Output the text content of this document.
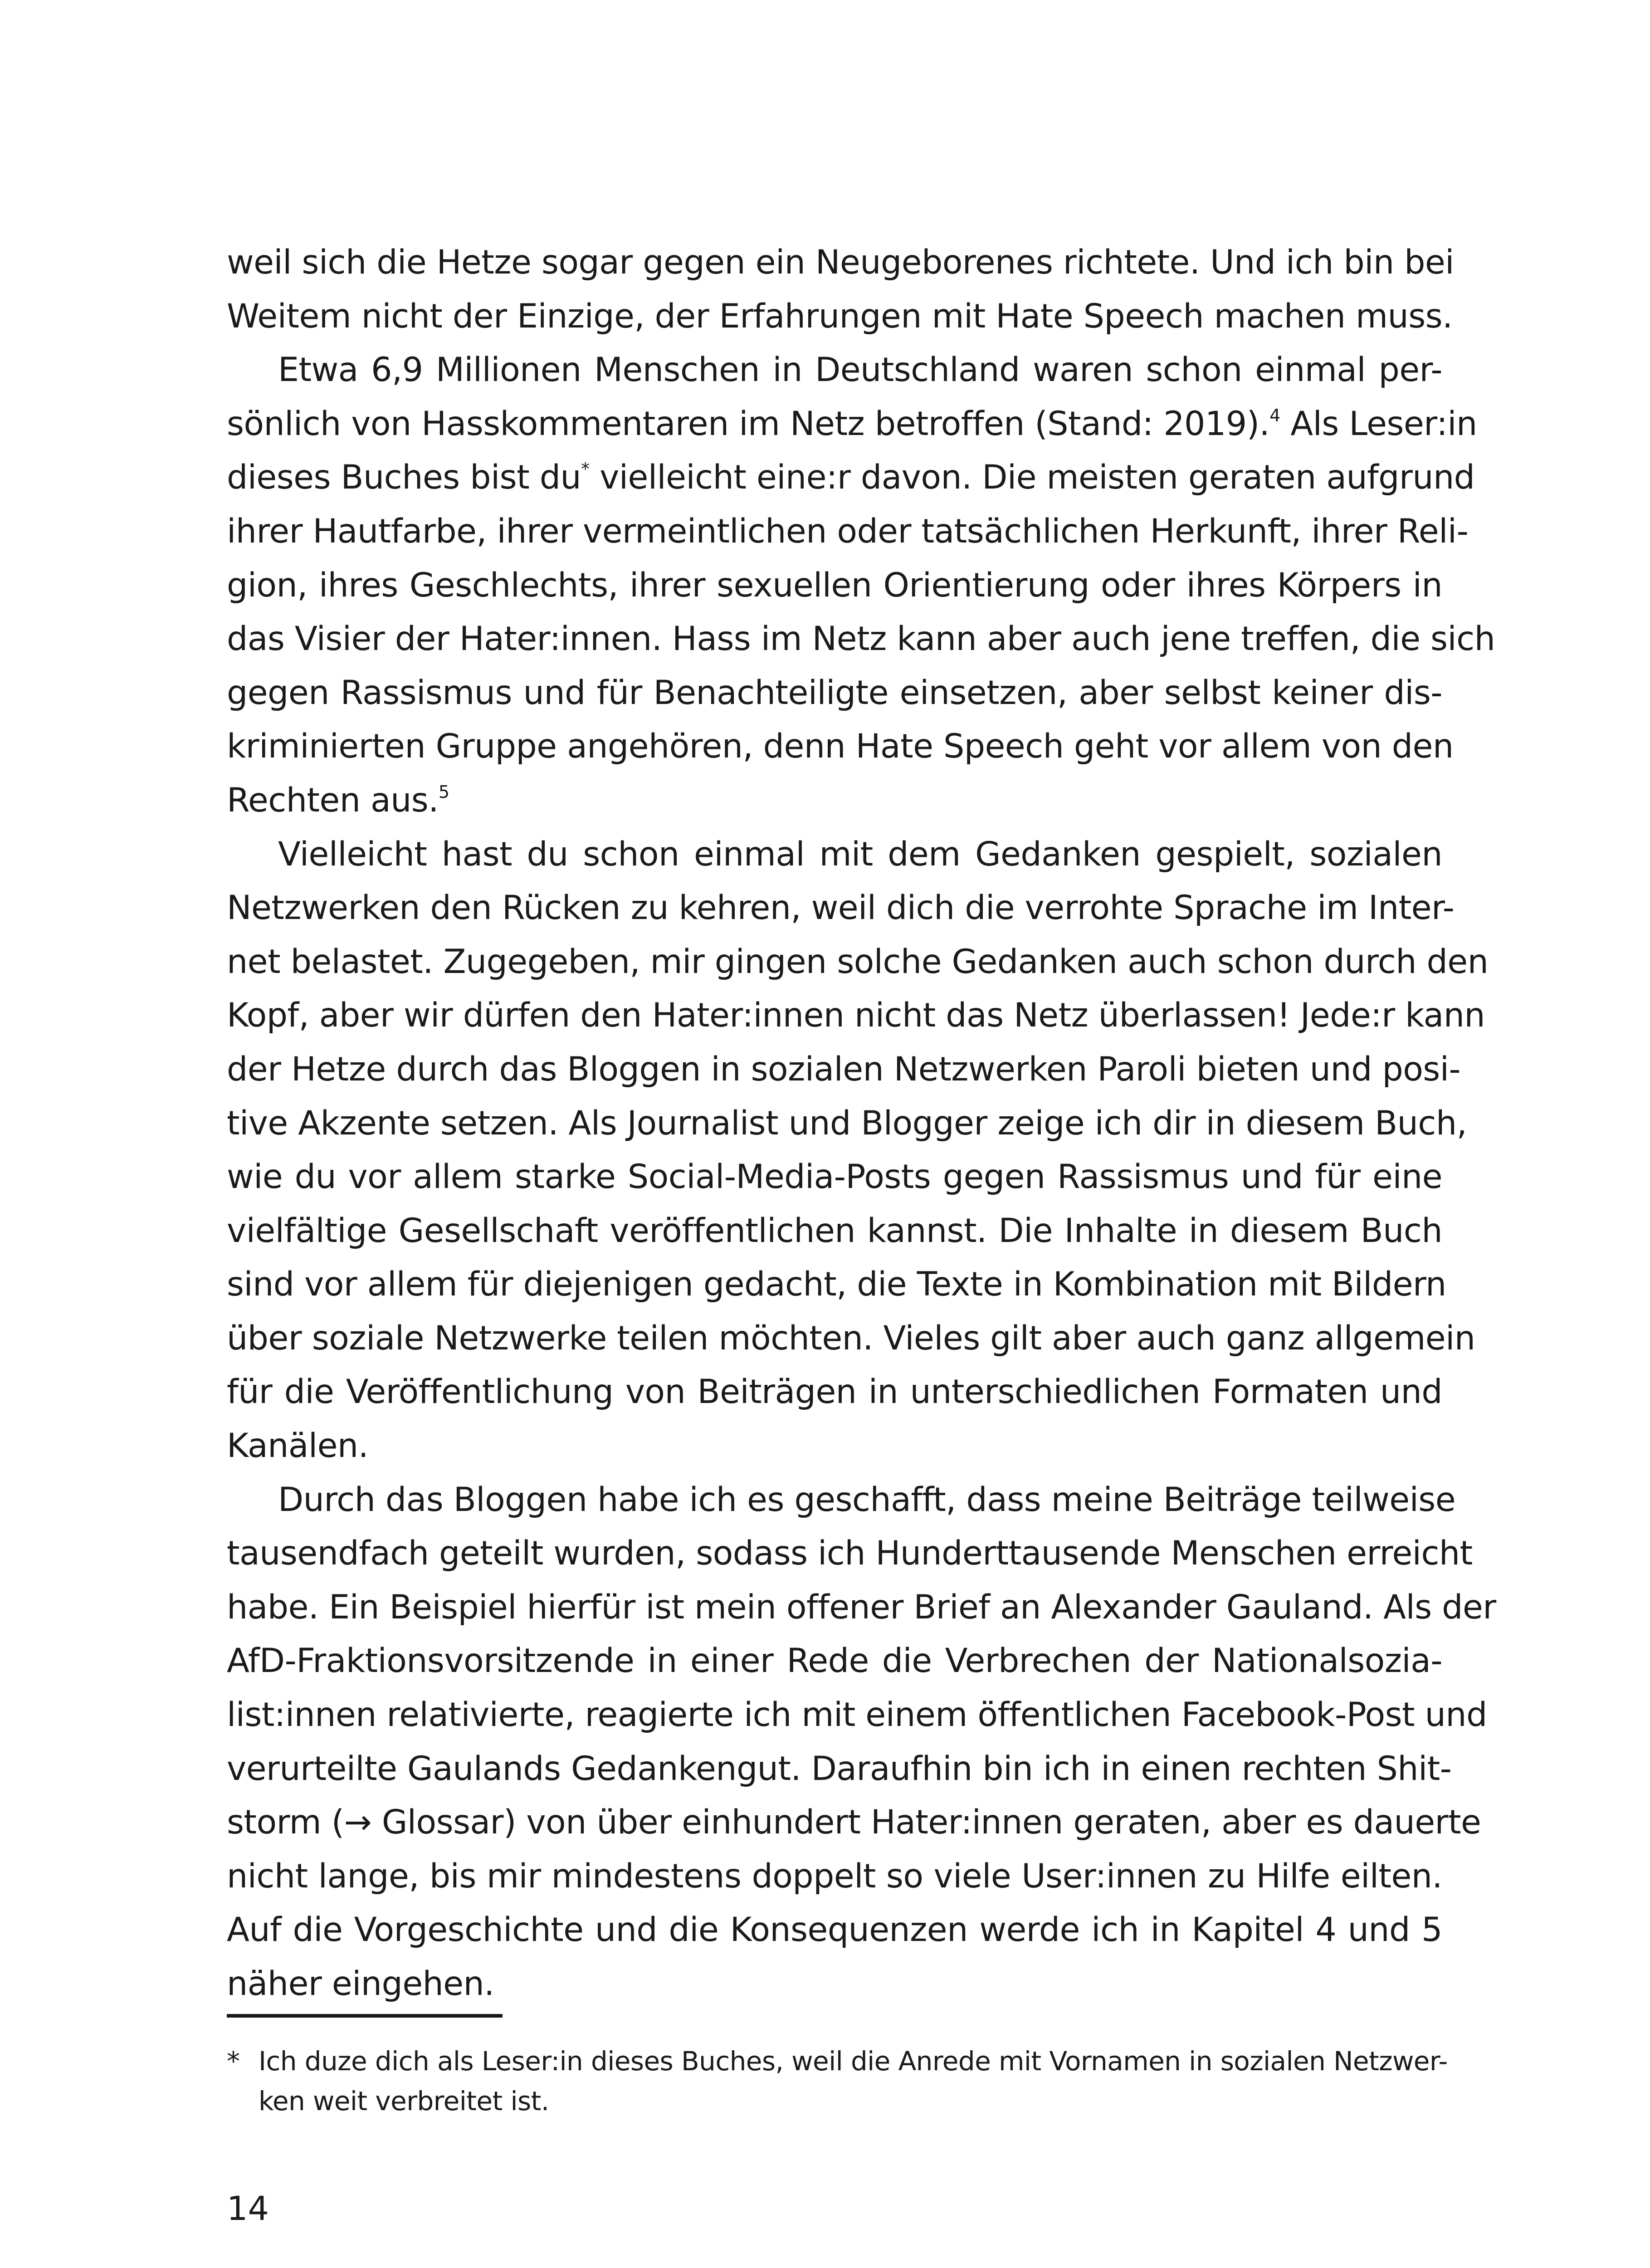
weil sich die Hetze sogar gegen ein Neugeborenes richtete. Und ich bin bei
Weitem nicht der Einzige, der Erfahrungen mit Hate Speech machen muss.
Etwa 6,9 Millionen Menschen in Deutschland waren schon einmal per-
sönlich von Hasskommentaren im Netz betroffen (Stand: 2019).$^4$ Als Leser:in
dieses Buches bist du* vielleicht eine:r davon. Die meisten geraten aufgrund
ihrer Hautfarbe, ihrer vermeintlichen oder tatsächlichen Herkunft, ihrer Reli-
gion, ihres Geschlechts, ihrer sexuellen Orientierung oder ihres Körpers in
das Visier der Hater:innen. Hass im Netz kann aber auch jene treffen, die sich
gegen Rassismus und für Benachteiligte einsetzen, aber selbst keiner dis-
kriminierten Gruppe angehören, denn Hate Speech geht vor allem von den
Rechten aus.$^5$
Vielleicht hast du schon einmal mit dem Gedanken gespielt, sozialen
Netzwerken den Rücken zu kehren, weil dich die verrohte Sprache im Inter-
net belastet. Zugegeben, mir gingen solche Gedanken auch schon durch den
Kopf, aber wir dürfen den Hater:innen nicht das Netz überlassen! Jede:r kann
der Hetze durch das Bloggen in sozialen Netzwerken Paroli bieten und posi-
tive Akzente setzen. Als Journalist und Blogger zeige ich dir in diesem Buch,
wie du vor allem starke Social-Media-Posts gegen Rassismus und für eine
vielfältige Gesellschaft veröffentlichen kannst. Die Inhalte in diesem Buch
sind vor allem für diejenigen gedacht, die Texte in Kombination mit Bildern
über soziale Netzwerke teilen möchten. Vieles gilt aber auch ganz allgemein
für die Veröffentlichung von Beiträgen in unterschiedlichen Formaten und
Kanälen.
Durch das Bloggen habe ich es geschafft, dass meine Beiträge teilweise
tausendfach geteilt wurden, sodass ich Hunderttausende Menschen erreicht
habe. Ein Beispiel hierfür ist mein offener Brief an Alexander Gauland. Als der
AfD-Fraktionsvorsitzende in einer Rede die Verbrechen der Nationalsozia-
list:innen relativierte, reagierte ich mit einem öffentlichen Facebook-Post und
verurteilte Gaulands Gedankengut. Daraufhin bin ich in einen rechten Shit-
storm (→ Glossar) von über einhundert Hater:innen geraten, aber es dauerte
nicht lange, bis mir mindestens doppelt so viele User:innen zu Hilfe eilten.
Auf die Vorgeschichte und die Konsequenzen werde ich in Kapitel 4 und 5
näher eingehen.
* Ich duze dich als Leser:in dieses Buches, weil die Anrede mit Vornamen in sozialen Netzwer-
ken weit verbreitet ist.
14
